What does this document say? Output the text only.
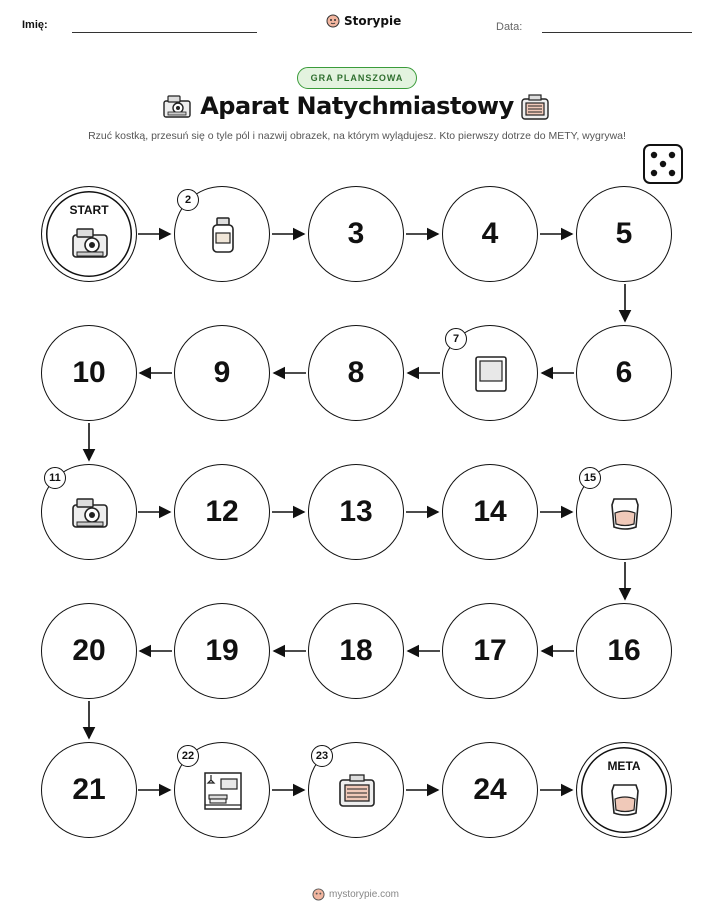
Imię:	Storypie	Data:
GRA PLANSZOWA
Aparat Natychmiastowy
Rzuć kostką, przesuń się o tyle pól i nazwij obrazek, na którym wylądujesz. Kto pierwszy dotrze do METY, wygrywa!
START
2
3	4	5
10	9	8
7
6
11
12	13	14
15
20	19	18	17	16
21
22	23
24
META
mystorypie.com
